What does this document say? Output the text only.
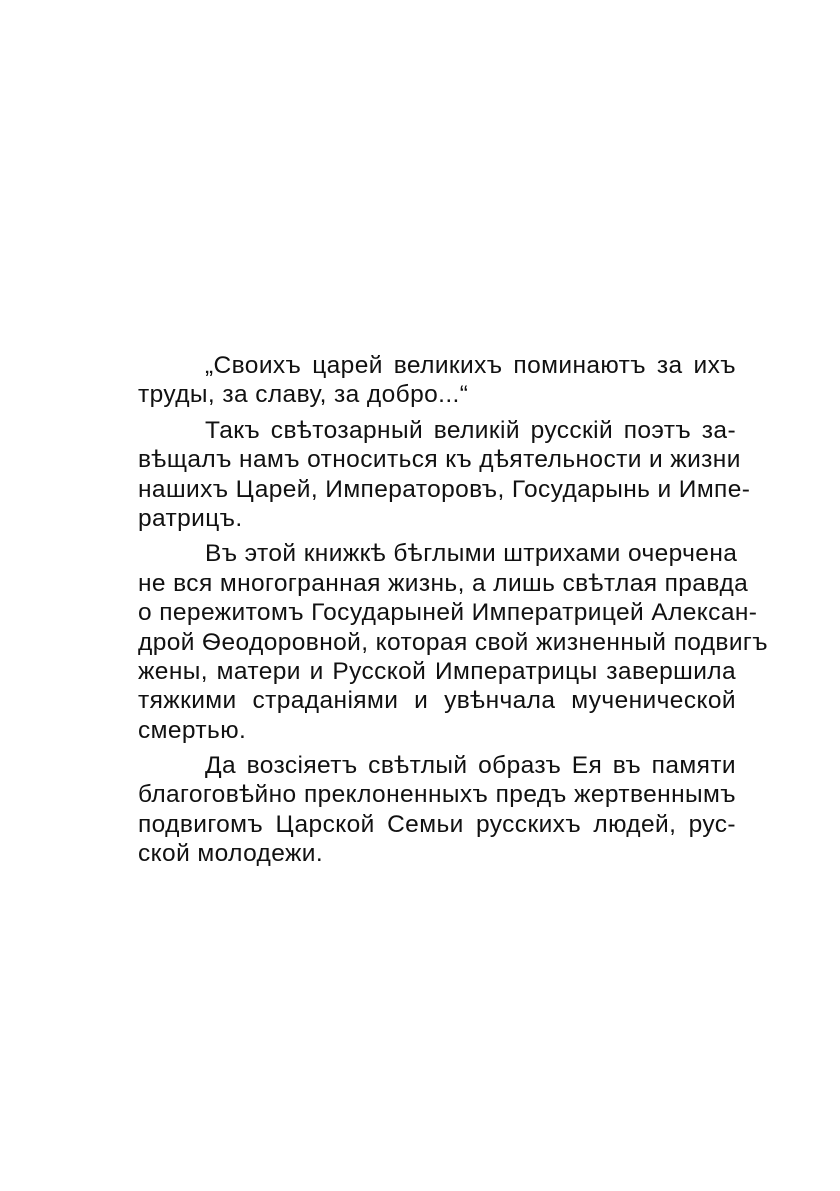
„Своихъ царей великихъ поминаютъ за ихъ
труды, за славу, за добро...“
Такъ свѣтозарный великій русскій поэтъ за-
вѣщалъ намъ относиться къ дѣятельности и жизни
нашихъ Царей, Императоровъ, Государынь и Импе-
ратрицъ.
Въ этой книжкѣ бѣглыми штрихами очерчена
не вся многогранная жизнь, а лишь свѣтлая правда
о пережитомъ Государыней Императрицей Алексан-
дрой Ѳеодоровной, которая свой жизненный подвигъ
жены, матери и Русской Императрицы завершила
тяжкими страданіями и увѣнчала мученической
смертью.
Да возсіяетъ свѣтлый образъ Ея въ памяти
благоговѣйно преклоненныхъ предъ жертвеннымъ
подвигомъ Царской Семьи русскихъ людей, рус-
ской молодежи.
